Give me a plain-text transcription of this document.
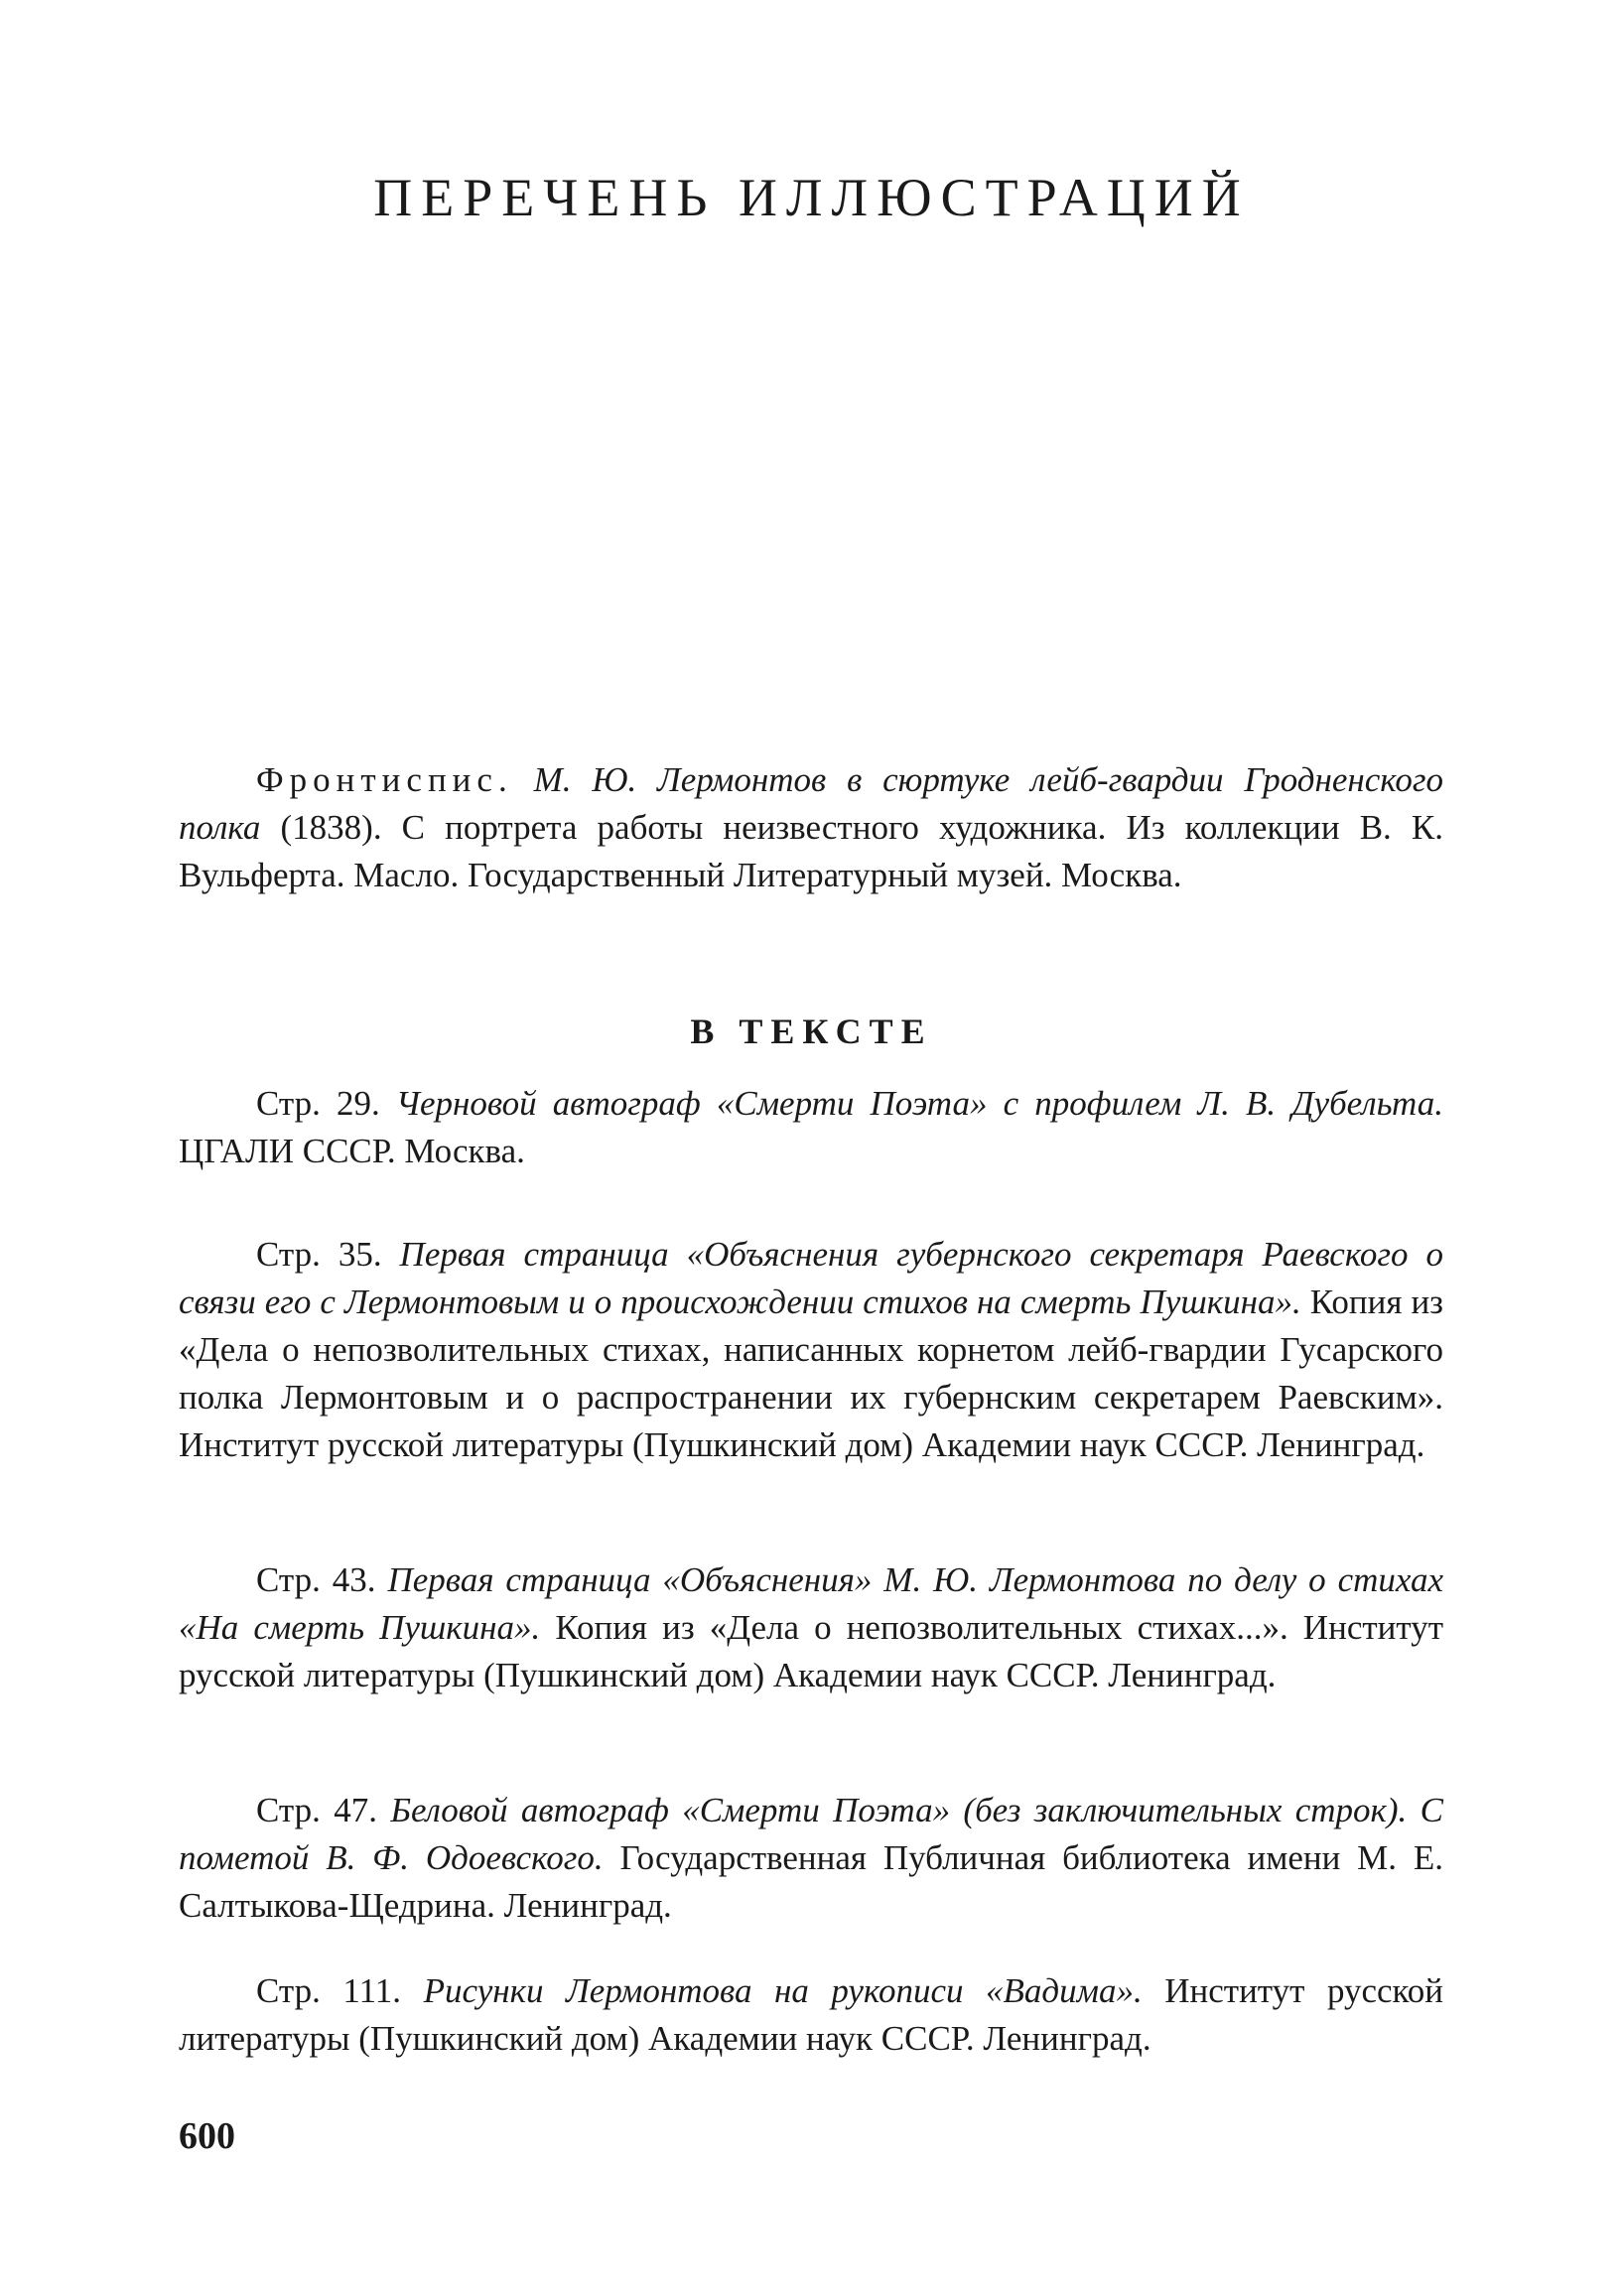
ПЕРЕЧЕНЬ ИЛЛЮСТРАЦИЙ

Фронтиспис. М. Ю. Лермонтов в сюртуке лейб-гвардии Гродненского полка (1838). С портрета работы неизвестного художника. Из коллекции В. К. Вульферта. Масло. Государственный Литературный музей. Москва.

В ТЕКСТЕ

Стр. 29. Черновой автограф «Смерти Поэта» с профилем Л. В. Дубельта. ЦГАЛИ СССР. Москва.

Стр. 35. Первая страница «Объяснения губернского секретаря Раевского о связи его с Лермонтовым и о происхождении стихов на смерть Пушкина». Копия из «Дела о непозволительных стихах, написанных корнетом лейб-гвардии Гусарского полка Лермонтовым и о распространении их губернским секретарем Раевским». Институт русской литературы (Пушкинский дом) Академии наук СССР. Ленинград.

Стр. 43. Первая страница «Объяснения» М. Ю. Лермонтова по делу о стихах «На смерть Пушкина». Копия из «Дела о непозволительных стихах...». Институт русской литературы (Пушкинский дом) Академии наук СССР. Ленинград.

Стр. 47. Беловой автограф «Смерти Поэта» (без заключительных строк). С пометой В. Ф. Одоевского. Государственная Публичная библиотека имени М. Е. Салтыкова-Щедрина. Ленинград.

Стр. 111. Рисунки Лермонтова на рукописи «Вадима». Институт русской литературы (Пушкинский дом) Академии наук СССР. Ленинград.

600
